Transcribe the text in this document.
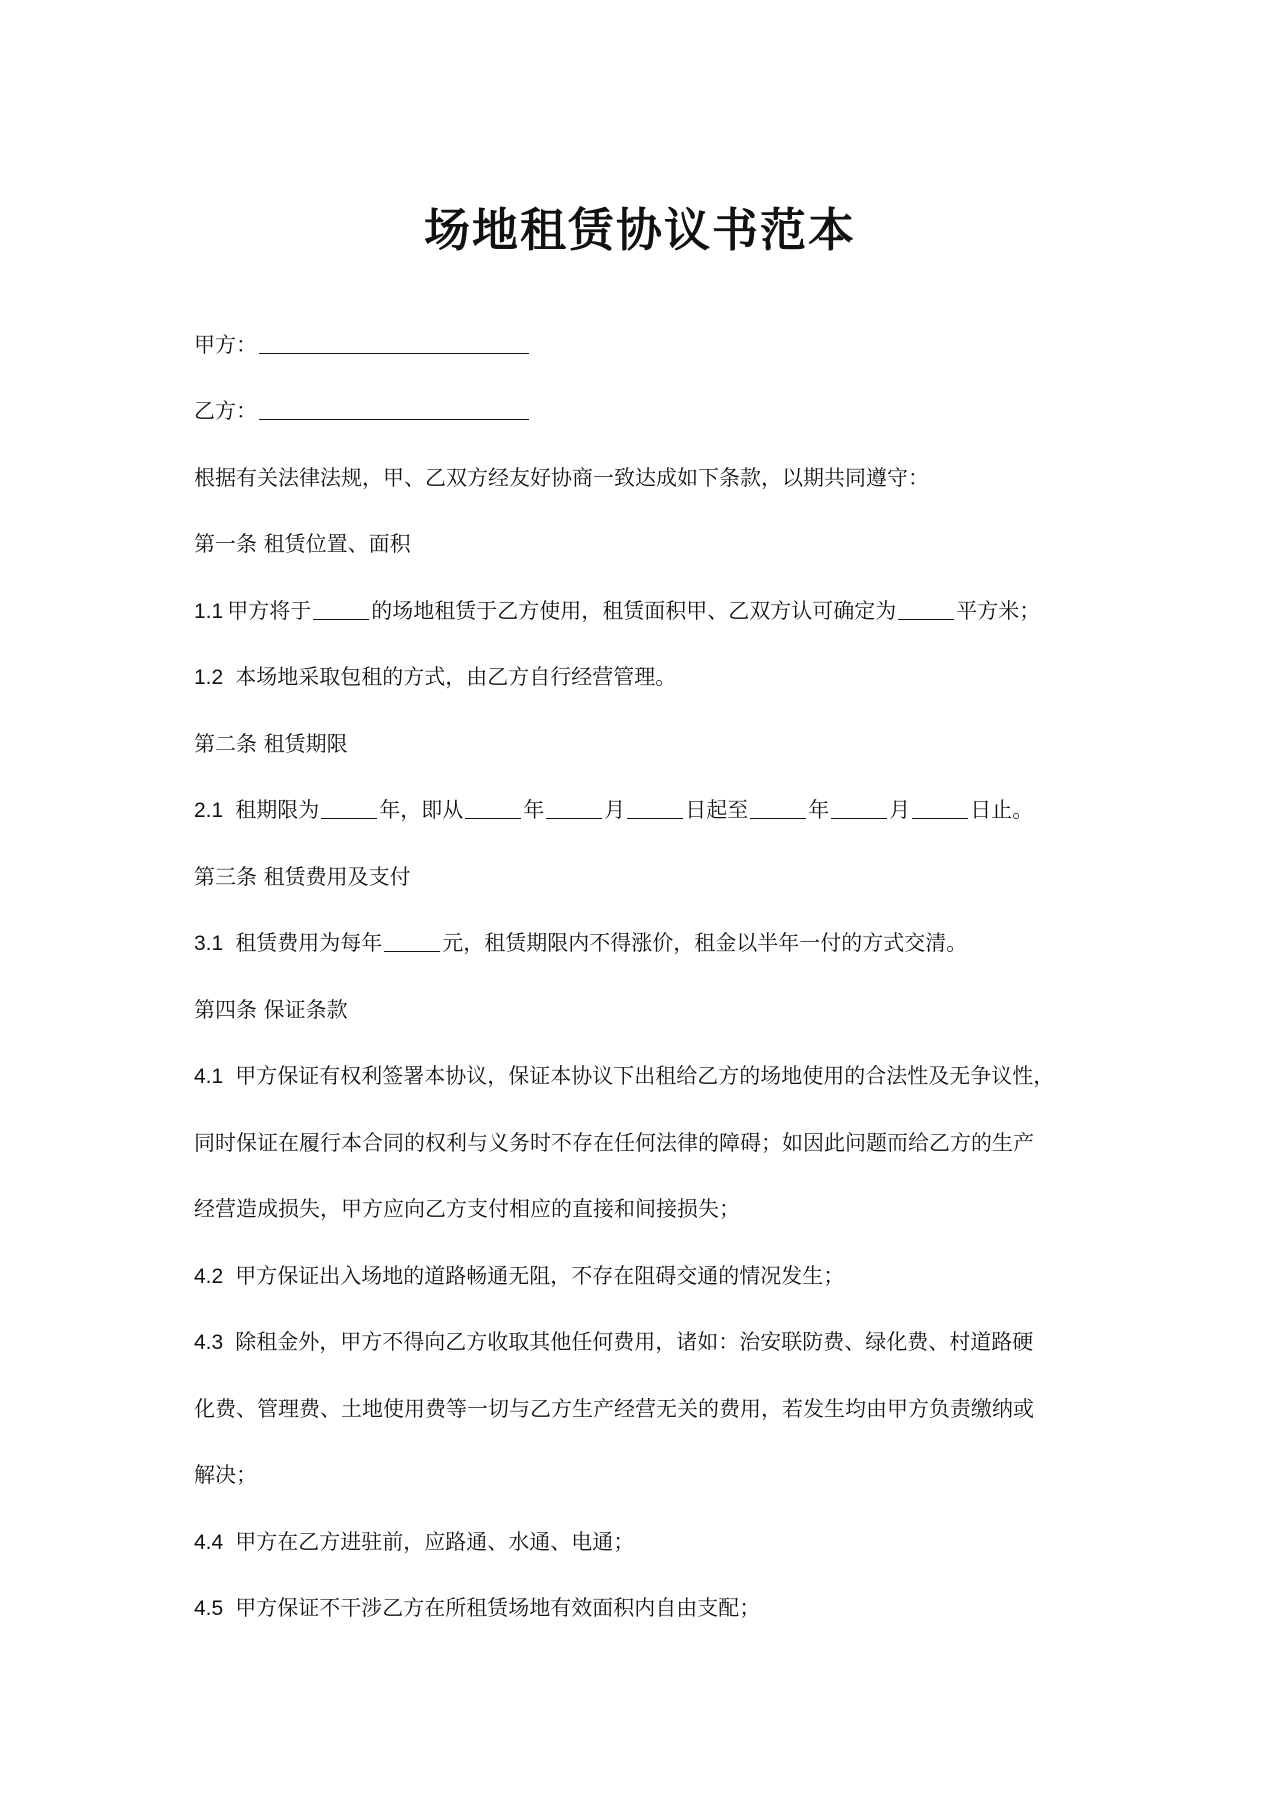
场地租赁协议书范本
甲方：
乙方：
根据有关法律法规，甲、乙双方经友好协商一致达成如下条款，以期共同遵守：
第一条 租赁位置、面积
1.1 甲方将于	的场地租赁于乙方使用，租赁面积甲、乙双方认可确定为	平方米；
1.2 本场地采取包租的方式，由乙方自行经营管理。
第二条 租赁期限
2.1 租期限为	年，即从	年	月	日起至	年	月	日止。
第三条 租赁费用及支付
3.1 租赁费用为每年	元，租赁期限内不得涨价，租金以半年一付的方式交清。
第四条 保证条款
4.1 甲方保证有权利签署本协议，保证本协议下出租给乙方的场地使用的合法性及无争议性，
同时保证在履行本合同的权利与义务时不存在任何法律的障碍；如因此问题而给乙方的生产
经营造成损失，甲方应向乙方支付相应的直接和间接损失；
4.2 甲方保证出入场地的道路畅通无阻，不存在阻碍交通的情况发生；
4.3 除租金外，甲方不得向乙方收取其他任何费用，诸如：治安联防费、绿化费、村道路硬
化费、管理费、土地使用费等一切与乙方生产经营无关的费用，若发生均由甲方负责缴纳或
解决；
4.4 甲方在乙方进驻前，应路通、水通、电通；
4.5 甲方保证不干涉乙方在所租赁场地有效面积内自由支配；
